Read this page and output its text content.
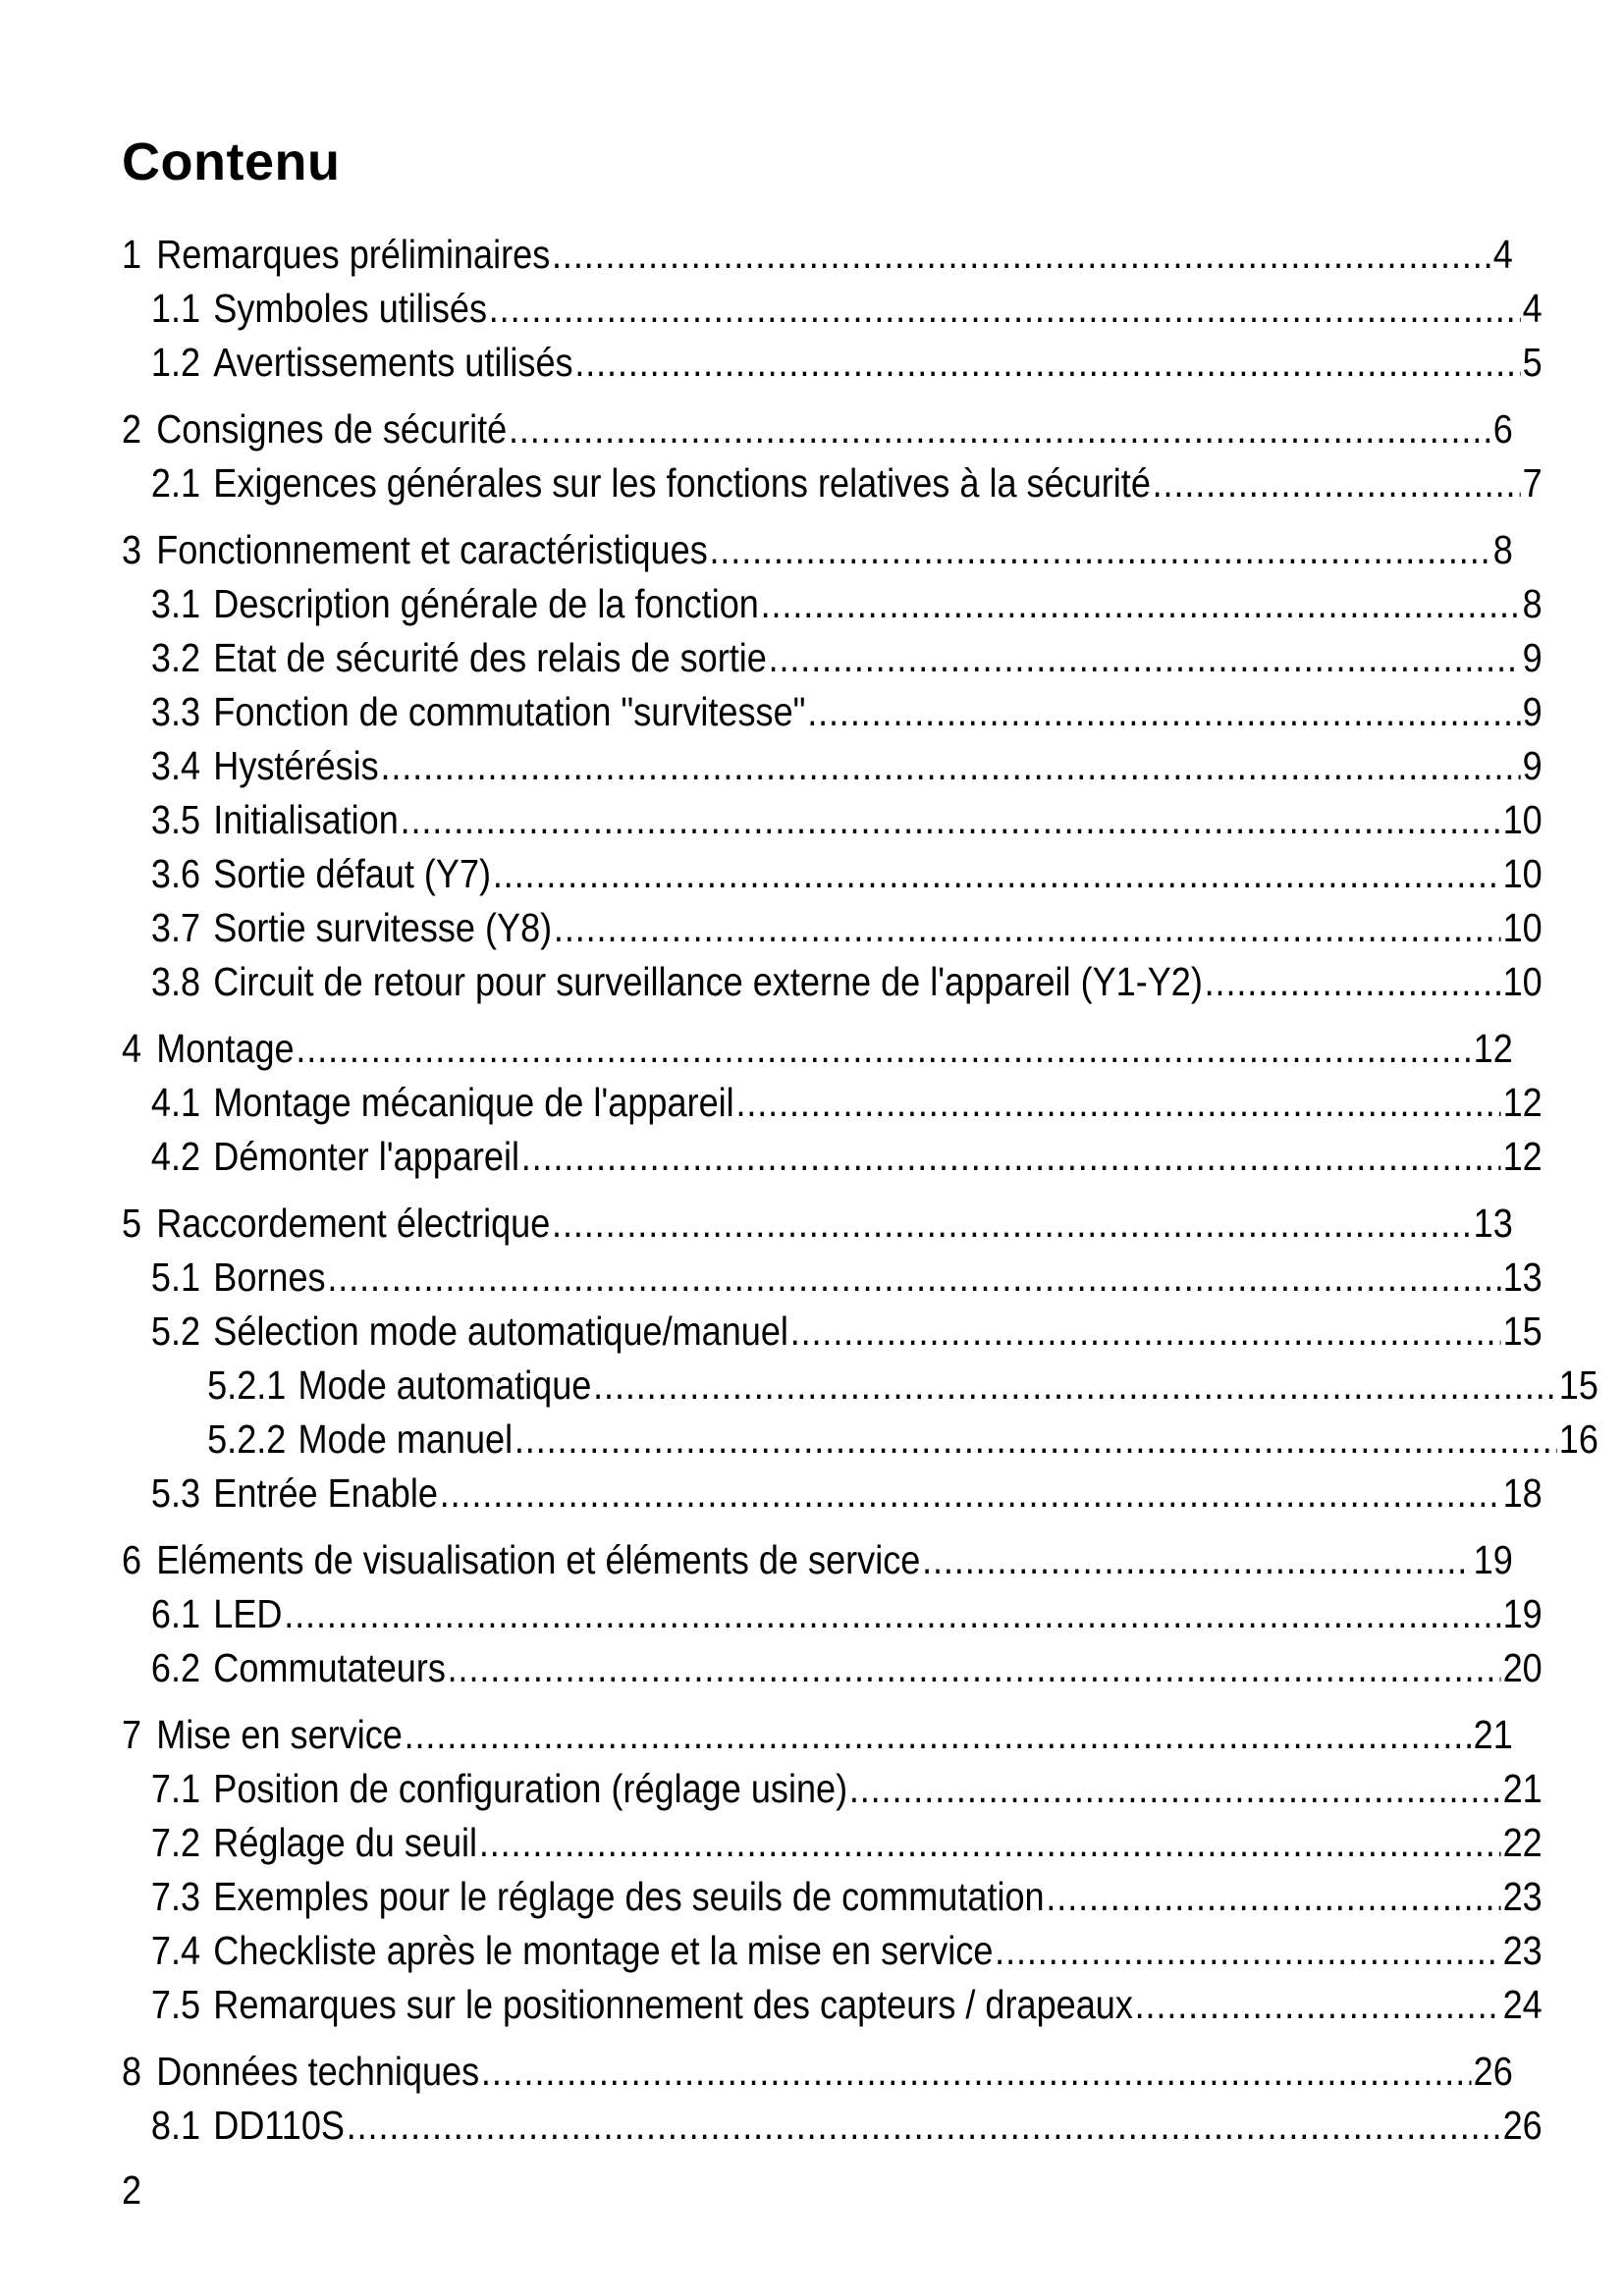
Contenu
1 Remarques préliminaires .....	4
1.1 Symboles utilisés .....	4
1.2 Avertissements utilisés .....	5
2 Consignes de sécurité .....	6
2.1 Exigences générales sur les fonctions relatives à la sécurité .....	7
3 Fonctionnement et caractéristiques .....	8
3.1 Description générale de la fonction .....	8
3.2 Etat de sécurité des relais de sortie .....	9
3.3 Fonction de commutation "survitesse" .....	9
3.4 Hystérésis .....	9
3.5 Initialisation .....	10
3.6 Sortie défaut (Y7) .....	10
3.7 Sortie survitesse (Y8) .....	10
3.8 Circuit de retour pour surveillance externe de l'appareil (Y1-Y2) .....	10
4 Montage .....	12
4.1 Montage mécanique de l'appareil .....	12
4.2 Démonter l'appareil .....	12
5 Raccordement électrique .....	13
5.1 Bornes .....	13
5.2 Sélection mode automatique/manuel .....	15
5.2.1 Mode automatique .....	15
5.2.2 Mode manuel .....	16
5.3 Entrée Enable .....	18
6 Eléments de visualisation et éléments de service .....	19
6.1 LED .....	19
6.2 Commutateurs .....	20
7 Mise en service .....	21
7.1 Position de configuration (réglage usine) .....	21
7.2 Réglage du seuil .....	22
7.3 Exemples pour le réglage des seuils de commutation .....	23
7.4 Checkliste après le montage et la mise en service .....	23
7.5 Remarques sur le positionnement des capteurs / drapeaux .....	24
8 Données techniques .....	26
8.1 DD110S .....	26
2
